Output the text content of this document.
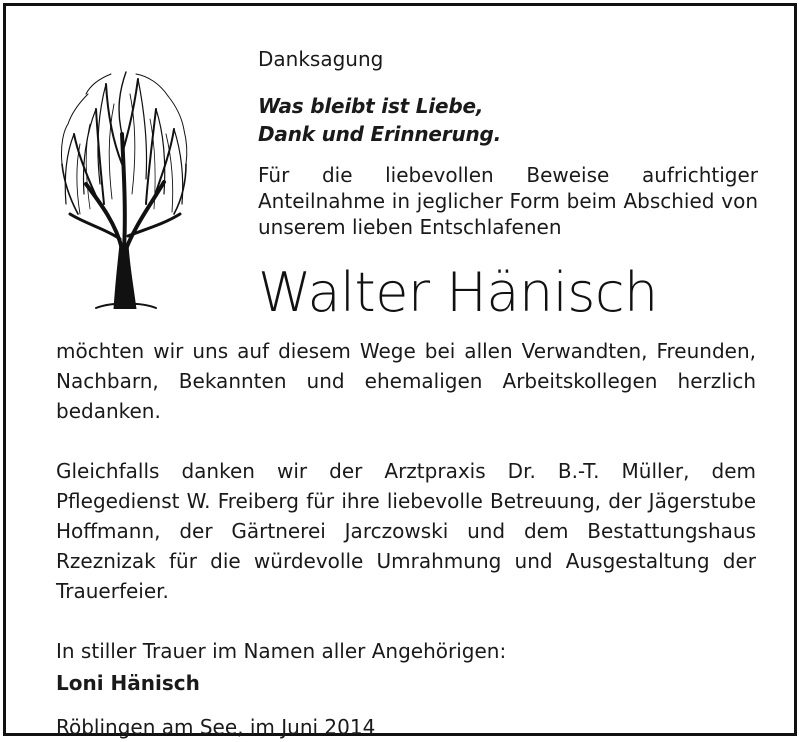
Danksagung
Was bleibt ist Liebe,
Dank und Erinnerung.
Für die liebevollen Beweise aufrichtiger Anteilnahme in jeglicher Form beim Abschied von unserem lieben Entschlafenen
Walter Hänisch

möchten wir uns auf diesem Wege bei allen Verwandten, Freunden, Nachbarn, Bekannten und ehemaligen Arbeitskollegen herzlich bedanken.

Gleichfalls danken wir der Arztpraxis Dr. B.-T. Müller, dem Pflegedienst W. Freiberg für ihre liebevolle Betreuung, der Jägerstube Hoffmann, der Gärtnerei Jarczowski und dem Bestattungshaus Rzeznizak für die würdevolle Umrahmung und Ausgestaltung der Trauerfeier.

In stiller Trauer im Namen aller Angehörigen:
Loni Hänisch
Röblingen am See, im Juni 2014
